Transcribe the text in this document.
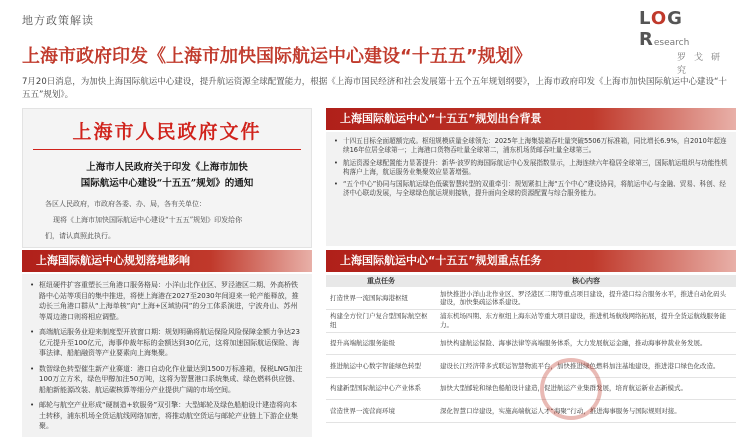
地方政策解读	LOG Research
罗戈研究
上海市政府印发《上海市加快国际航运中心建设“十五五”规划》
7月20日消息，为加快上海国际航运中心建设，提升航运资源全球配置能力，根据《上海市国民经济和社会发展第十五个五年规划纲要》，上海市政府印发《上海市加快国际航运中心建设“十五五”规划》。
上海市人民政府文件
上海市人民政府关于印发《上海市加快
国际航运中心建设“十五五”规划》的通知
各区人民政府，市政府各委、办、局，各有关单位：
现将《上海市加快国际航运中心建设“十五五”规划》印发给你
们，请认真照此执行。
上海国际航运中心规划落地影响
上海国际航运中心“十五五”规划出台背景
上海国际航运中心“十五五”规划重点任务
• 枢纽硬件扩容重塑长三角港口服务格局：小洋山北作业区、罗泾港区二期、外高桥铁路中心站等项目的集中推进，将使上海港在2027至2030年间迎来一轮产能释放，推动长三角港口群从“上海单核”向“上海+区域协同”的分工体系演进，宁波舟山、苏州等周边港口则将相应调整。
• 高端航运服务业迎来制度型开放窗口期：规划明确将航运保险风险保障金额力争达23亿元提升至100亿元，海事仲裁年标的金额达到30亿元，这将加速国际航运保险、海事法律、船舶融资等产业要素向上海集聚。
• 数智绿色转型催生新产业赛道：港口自动化作业量达到1500万标准箱，保税LNG加注100万立方米，绿色甲醇加注50万吨，这将为智慧港口系统集成、绿色燃料供应链、船舶新能源改装、航运碳核算等细分产业提供广阔的市场空间。
• 邮轮与航空产业形成“硬制造+软服务”双引擎：大型邮轮及绿色船舶设计建造将向本土转移，浦东机场全货运航线网络加密，将推动航空货运与邮轮产业链上下游企业集聚。
• 十四五目标全面超额完成。枢纽规模质量全球领先：2025年上海集装箱吞吐量突破5506万标准箱，同比增长6.9%，自2010年起连续16年位居全球第一；上海港口货物吞吐量全球第二，浦东机场货邮吞吐量全球第三。
• 航运资源全球配置能力显著提升：新华·波罗的海国际航运中心发展指数显示，上海连续六年稳居全球第三，国际航运组织与功能性机构落户上海，航运服务业集聚效应显著增强。
• “五个中心”协同与国际航运绿色低碳智慧转型的双重牵引：规划紧扣上海“五个中心”建设协同，将航运中心与金融、贸易、科创、经济中心联动发展，与全球绿色航运规则接轨，提升面向全球的资源配置与综合服务能力。
重点任务	核心内容
打造世界一流国际海港枢纽	加快推进小洋山北作业区、罗泾港区二期等重点项目建设，提升港口综合服务水平，推进自动化码头建设，加快集疏运体系建设。
构建全方位门户复合型国际航空枢纽	浦东机场四期、东方枢纽上海东站等重大项目建设，推进机场航线网络拓展，提升全货运航线服务能力。
提升高端航运服务能级	加快构建航运保险、海事法律等高端服务体系，大力发展航运金融，推动海事仲裁业务发展。
推进航运中心数字智能绿色转型	建设长江经济带多式联运智慧物流平台，加快推进绿色燃料加注基地建设，推进港口绿色化改造。
构建新型国际航运中心产业体系	加快大型邮轮和绿色船舶设计建造，促进航运产业集群发展，培育航运新业态新模式。
营造世界一流营商环境	深化智慧口岸建设，实施高端航运人才“海聚”行动，推进海事服务与国际规则对接。
